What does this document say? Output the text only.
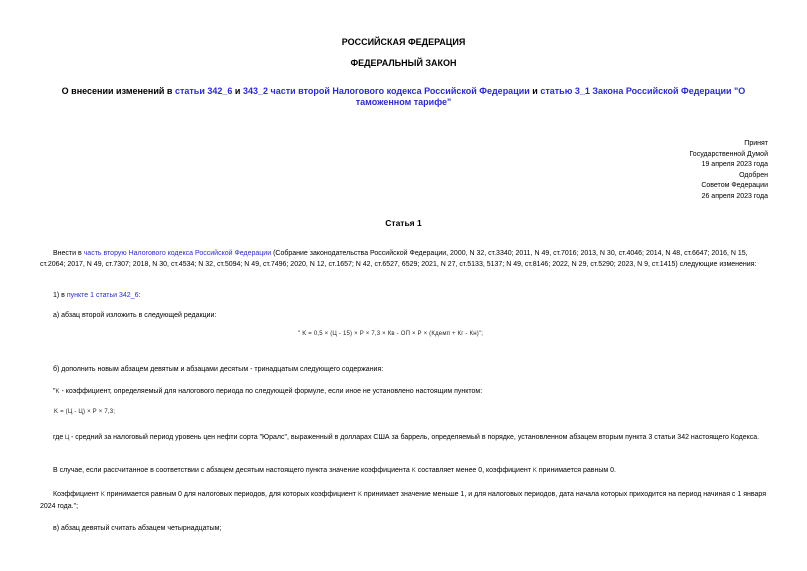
РОССИЙСКАЯ ФЕДЕРАЦИЯ
ФЕДЕРАЛЬНЫЙ ЗАКОН
О внесении изменений в статьи 342_6 и 343_2 части второй Налогового кодекса Российской Федерации и статью 3_1 Закона Российской Федерации "О таможенном тарифе"
Принят
Государственной Думой
19 апреля 2023 года
Одобрен
Советом Федерации
26 апреля 2023 года
Статья 1
Внести в часть вторую Налогового кодекса Российской Федерации (Собрание законодательства Российской Федерации, 2000, N 32, ст.3340; 2011, N 49, ст.7016; 2013, N 30, ст.4046; 2014, N 48, ст.6647; 2016, N 15, ст.2064; 2017, N 49, ст.7307; 2018, N 30, ст.4534; N 32, ст.5094; N 49, ст.7496; 2020, N 12, ст.1657; N 42, ст.6527, 6529; 2021, N 27, ст.5133, 5137; N 49, ст.8146; 2022, N 29, ст.5290; 2023, N 9, ст.1415) следующие изменения:
1) в пункте 1 статьи 342_6:
а) абзац второй изложить в следующей редакции:
" K = 0,5 × (Ц - 15) × Р × 7,3 × Кв - ОП × Р × (Кдемп + Кг - Кн)";
б) дополнить новым абзацем девятым и абзацами десятым - тринадцатым следующего содержания:
"K - коэффициент, определяемый для налогового периода по следующей формуле, если иное не установлено настоящим пунктом:
K = (Ц - Ц) × Р × 7,3;
где Ц - средний за налоговый период уровень цен нефти сорта "Юралс", выраженный в долларах США за баррель, определяемый в порядке, установленном абзацем вторым пункта 3 статьи 342 настоящего Кодекса.
В случае, если рассчитанное в соответствии с абзацем десятым настоящего пункта значение коэффициента K составляет менее 0, коэффициент K принимается равным 0.
Коэффициент K принимается равным 0 для налоговых периодов, для которых коэффициент K принимает значение меньше 1, и для налоговых периодов, дата начала которых приходится на период начиная с 1 января 2024 года.";
в) абзац девятый считать абзацем четырнадцатым;
